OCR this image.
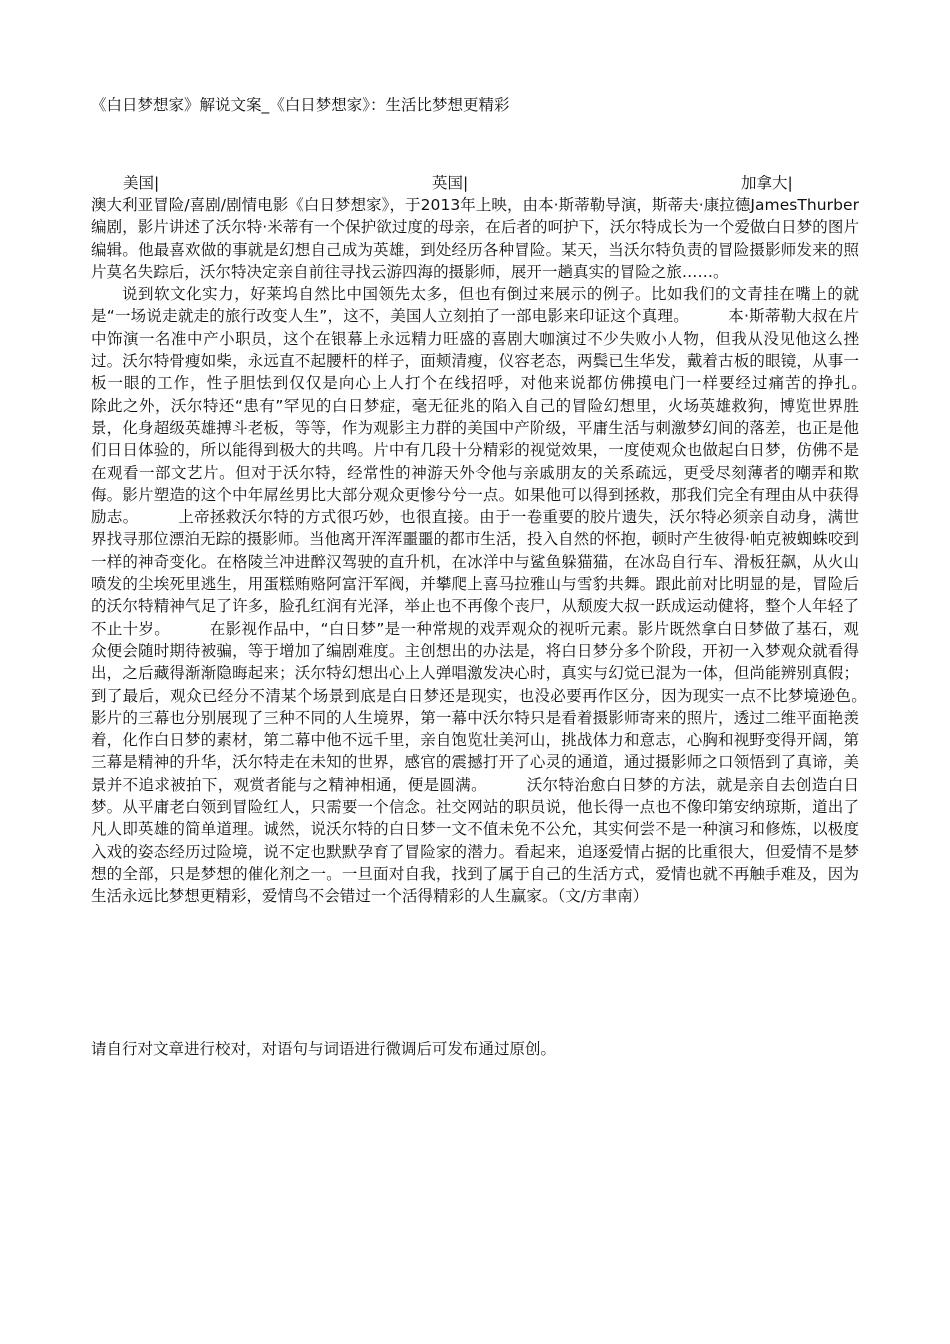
《白日梦想家》解说文案_《白日梦想家》：生活比梦想更精彩
美国|	英国|	加拿大|

澳大利亚冒险/喜剧/剧情电影《白日梦想家》，于2013年上映，由本·斯蒂勒导演，斯蒂夫·康拉德JamesThurber编剧，影片讲述了沃尔特·米蒂有一个保护欲过度的母亲，在后者的呵护下，沃尔特成长为一个爱做白日梦的图片编辑。他最喜欢做的事就是幻想自己成为英雄，到处经历各种冒险。某天，当沃尔特负责的冒险摄影师发来的照片莫名失踪后，沃尔特决定亲自前往寻找云游四海的摄影师，展开一趟真实的冒险之旅……。

说到软文化实力，好莱坞自然比中国领先太多，但也有倒过来展示的例子。比如我们的文青挂在嘴上的就是“一场说走就走的旅行改变人生”，这不，美国人立刻拍了一部电影来印证这个真理。　　　本·斯蒂勒大叔在片中饰演一名准中产小职员，这个在银幕上永远精力旺盛的喜剧大咖演过不少失败小人物，但我从没见他这么挫过。沃尔特骨瘦如柴，永远直不起腰杆的样子，面颊清瘦，仪容老态，两鬓已生华发，戴着古板的眼镜，从事一板一眼的工作，性子胆怯到仅仅是向心上人打个在线招呼，对他来说都仿佛摸电门一样要经过痛苦的挣扎。　　　除此之外，沃尔特还“患有”罕见的白日梦症，毫无征兆的陷入自己的冒险幻想里，火场英雄救狗，博览世界胜景，化身超级英雄搏斗老板，等等，作为观影主力群的美国中产阶级，平庸生活与刺激梦幻间的落差，也正是他们日日体验的，所以能得到极大的共鸣。片中有几段十分精彩的视觉效果，一度使观众也做起白日梦，仿佛不是在观看一部文艺片。但对于沃尔特，经常性的神游天外令他与亲戚朋友的关系疏远，更受尽刻薄者的嘲弄和欺侮。影片塑造的这个中年屌丝男比大部分观众更惨兮兮一点。如果他可以得到拯救，那我们完全有理由从中获得励志。　　　上帝拯救沃尔特的方式很巧妙，也很直接。由于一卷重要的胶片遗失，沃尔特必须亲自动身，满世界找寻那位漂泊无踪的摄影师。当他离开浑浑噩噩的都市生活，投入自然的怀抱，顿时产生彼得·帕克被蜘蛛咬到一样的神奇变化。在格陵兰冲进醉汉驾驶的直升机，在冰洋中与鲨鱼躲猫猫，在冰岛自行车、滑板狂飙，从火山喷发的尘埃死里逃生，用蛋糕贿赂阿富汗军阀，并攀爬上喜马拉雅山与雪豹共舞。跟此前对比明显的是，冒险后的沃尔特精神气足了许多，脸孔红润有光泽，举止也不再像个丧尸，从颓废大叔一跃成运动健将，整个人年轻了不止十岁。　　　在影视作品中，“白日梦”是一种常规的戏弄观众的视听元素。影片既然拿白日梦做了基石，观众便会随时期待被骗，等于增加了编剧难度。主创想出的办法是，将白日梦分多个阶段，开初一入梦观众就看得出，之后藏得渐渐隐晦起来；沃尔特幻想出心上人弹唱激发决心时，真实与幻觉已混为一体，但尚能辨别真假；到了最后，观众已经分不清某个场景到底是白日梦还是现实，也没必要再作区分，因为现实一点不比梦境逊色。　　　影片的三幕也分别展现了三种不同的人生境界，第一幕中沃尔特只是看着摄影师寄来的照片，透过二维平面艳羡着，化作白日梦的素材，第二幕中他不远千里，亲自饱览壮美河山，挑战体力和意志，心胸和视野变得开阔，第三幕是精神的升华，沃尔特走在未知的世界，感官的震撼打开了心灵的通道，通过摄影师之口领悟到了真谛，美景并不追求被拍下，观赏者能与之精神相通，便是圆满。　　　沃尔特治愈白日梦的方法，就是亲自去创造白日梦。从平庸老白领到冒险红人，只需要一个信念。社交网站的职员说，他长得一点也不像印第安纳琼斯，道出了凡人即英雄的简单道理。诚然，说沃尔特的白日梦一文不值未免不公允，其实何尝不是一种演习和修炼，以极度入戏的姿态经历过险境，说不定也默默孕育了冒险家的潜力。看起来，追逐爱情占据的比重很大，但爱情不是梦想的全部，只是梦想的催化剂之一。一旦面对自我，找到了属于自己的生活方式，爱情也就不再触手难及，因为生活永远比梦想更精彩，爱情鸟不会错过一个活得精彩的人生赢家。（文/方聿南）

请自行对文章进行校对，对语句与词语进行微调后可发布通过原创。
